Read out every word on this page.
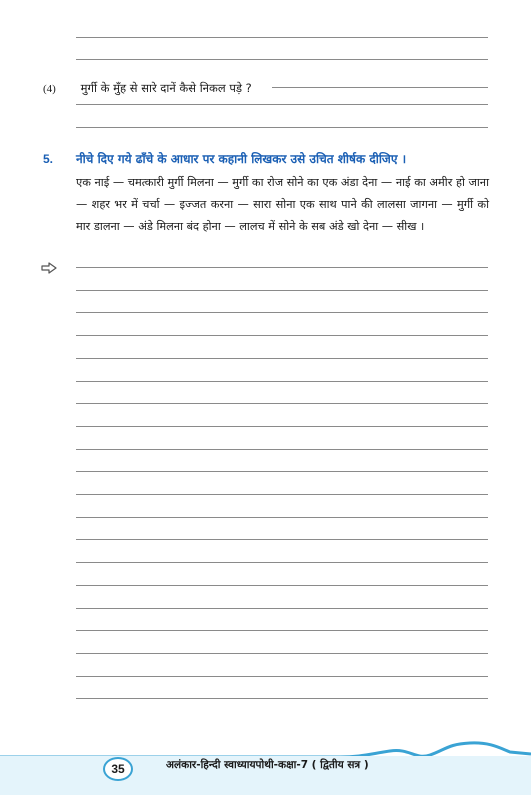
(4) मुर्गी के मुँह से सारे दानें कैसे निकल पड़े ?
5. नीचे दिए गये ढाँचे के आधार पर कहानी लिखकर उसे उचित शीर्षक दीजिए ।
एक नाई — चमत्कारी मुर्गी मिलना — मुर्गी का रोज सोने का एक अंडा देना — नाई का अमीर हो जाना — शहर भर में चर्चा — इज्जत करना — सारा सोना एक साथ पाने की लालसा जागना — मुर्गी को मार डालना — अंडे मिलना बंद होना — लालच में सोने के सब अंडे खो देना — सीख ।
35	अलंकार-हिन्दी स्वाध्यायपोथी-कक्षा-7 ( द्वितीय सत्र )
